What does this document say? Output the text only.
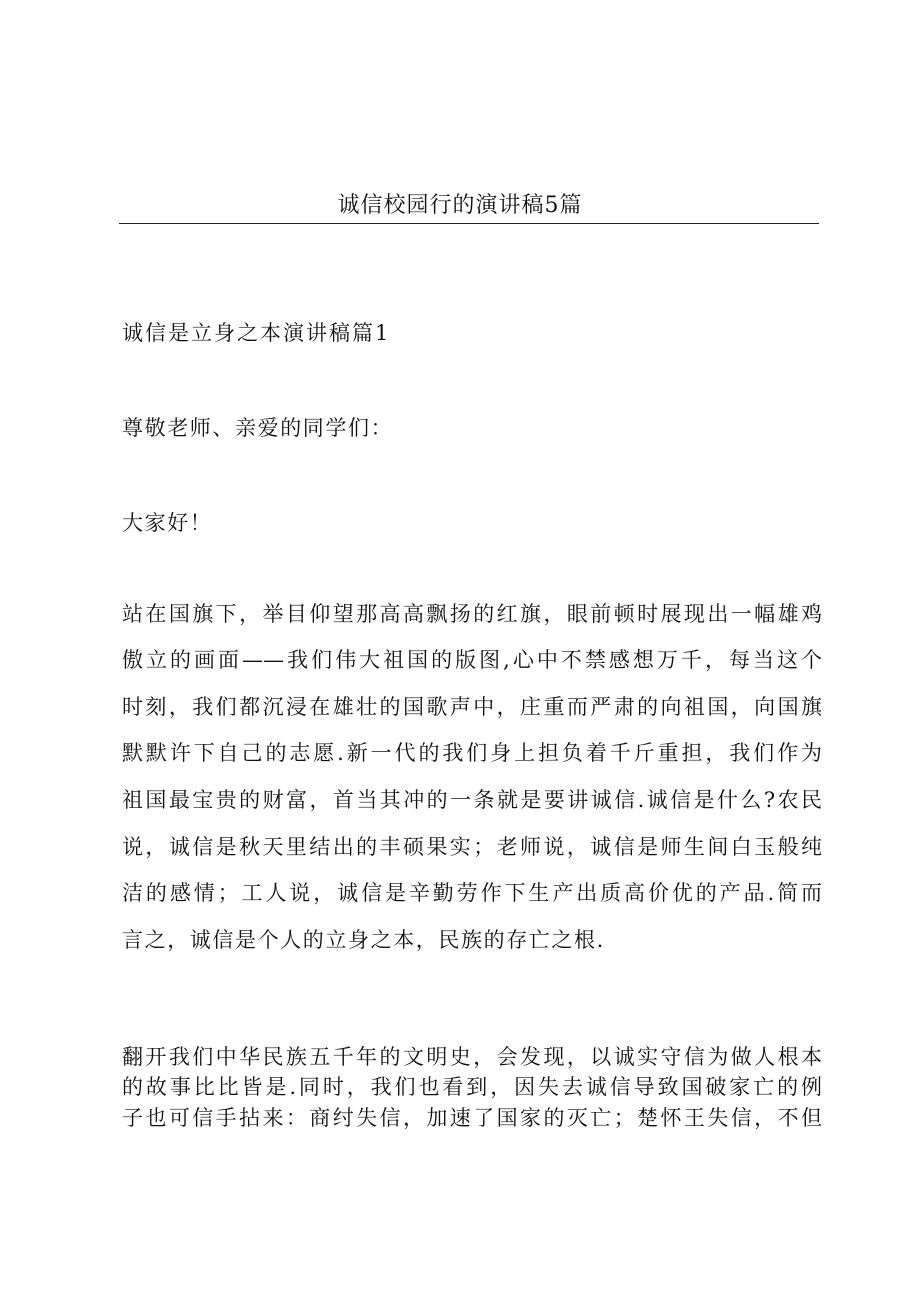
诚信校园行的演讲稿5篇
诚信是立身之本演讲稿篇1
尊敬老师、亲爱的同学们：
大家好！
站在国旗下，举目仰望那高高飘扬的红旗，眼前顿时展现出一幅雄鸡
傲立的画面——我们伟大祖国的版图,心中不禁感想万千，每当这个
时刻，我们都沉浸在雄壮的国歌声中，庄重而严肃的向祖国，向国旗
默默许下自己的志愿.新一代的我们身上担负着千斤重担，我们作为
祖国最宝贵的财富，首当其冲的一条就是要讲诚信.诚信是什么?农民
说，诚信是秋天里结出的丰硕果实；老师说，诚信是师生间白玉般纯
洁的感情；工人说，诚信是辛勤劳作下生产出质高价优的产品.简而
言之，诚信是个人的立身之本，民族的存亡之根.
翻开我们中华民族五千年的文明史，会发现，以诚实守信为做人根本
的故事比比皆是.同时，我们也看到，因失去诚信导致国破家亡的例
子也可信手拈来：商纣失信，加速了国家的灭亡；楚怀王失信，不但
